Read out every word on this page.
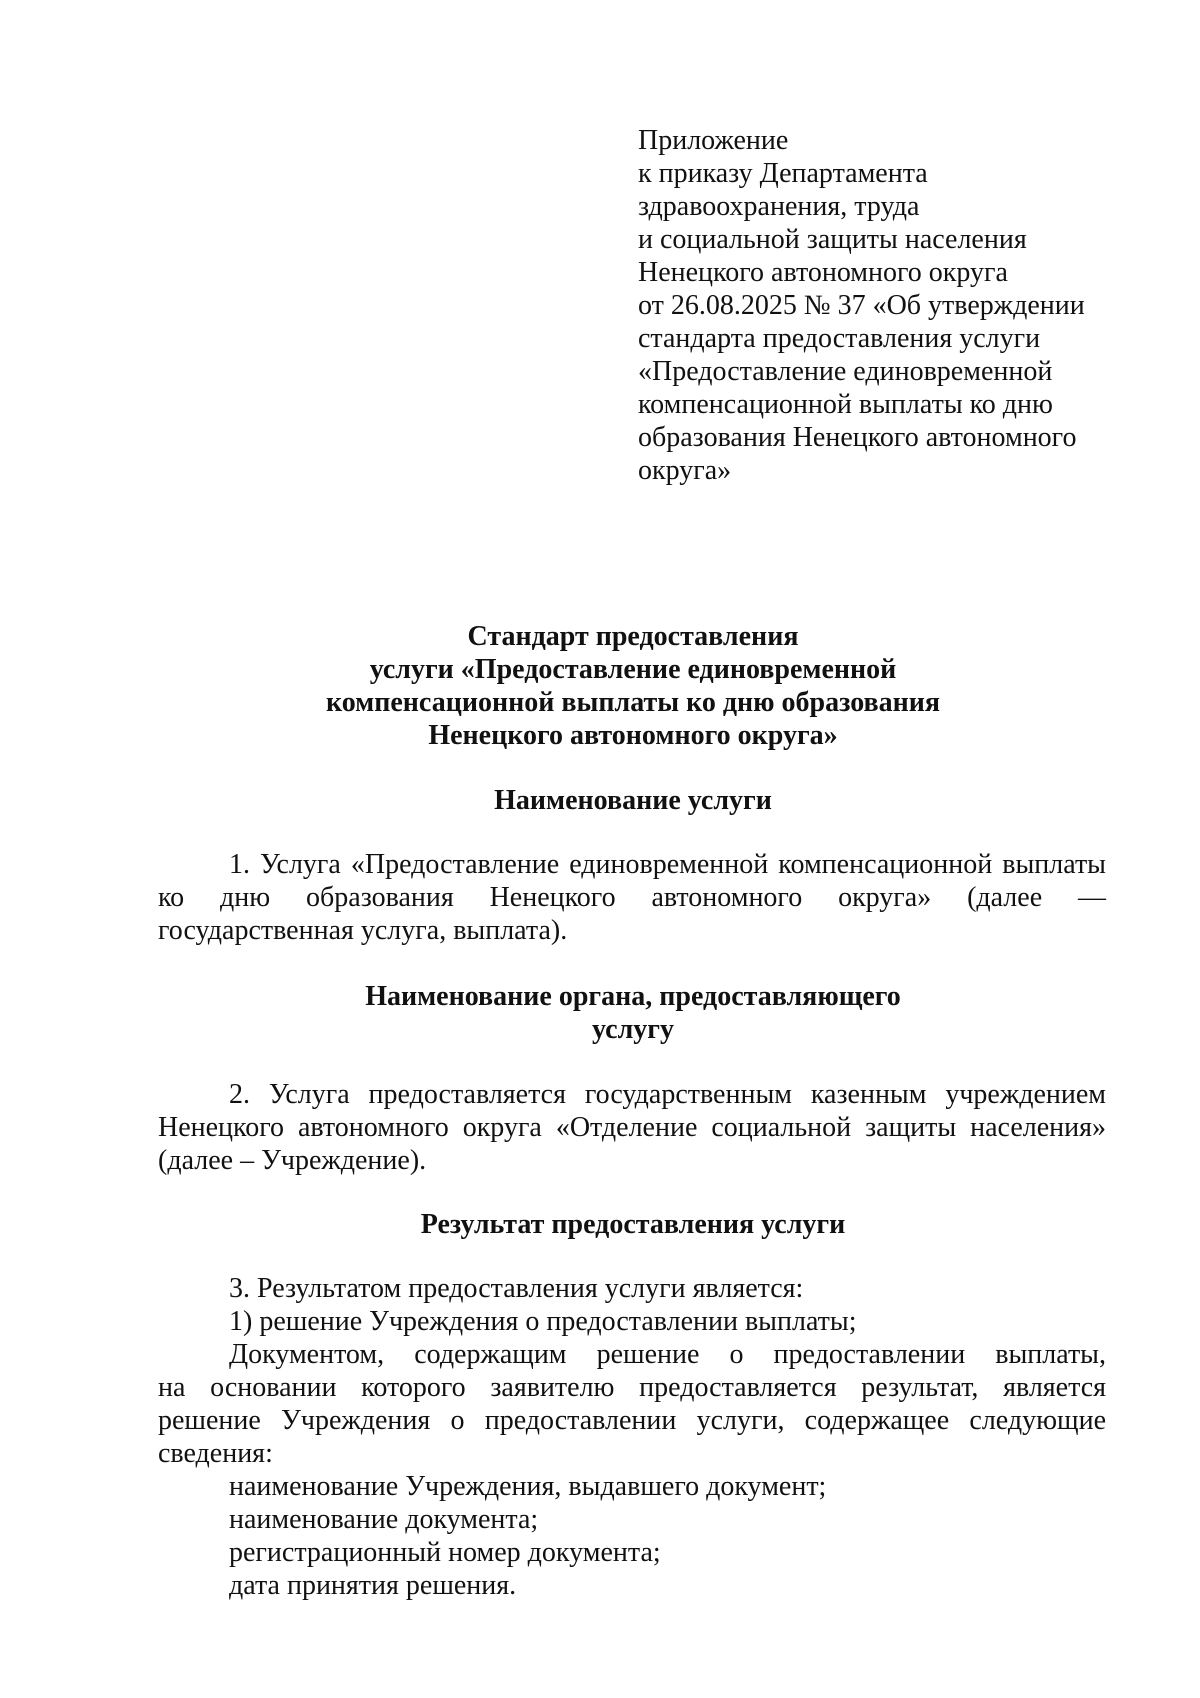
Приложение
к приказу Департамента
здравоохранения, труда
и социальной защиты населения
Ненецкого автономного округа
от 26.08.2025 № 37 «Об утверждении
стандарта предоставления услуги
«Предоставление единовременной
компенсационной выплаты ко дню
образования Ненецкого автономного
округа»
Стандарт предоставления
услуги «Предоставление единовременной
компенсационной выплаты ко дню образования
Ненецкого автономного округа»
Наименование услуги
1. Услуга «Предоставление единовременной компенсационной выплаты
ко дню образования Ненецкого автономного округа» (далее —
государственная услуга, выплата).
Наименование органа, предоставляющего
услугу
2. Услуга предоставляется государственным казенным учреждением
Ненецкого автономного округа «Отделение социальной защиты населения»
(далее – Учреждение).
Результат предоставления услуги
3. Результатом предоставления услуги является:
1) решение Учреждения о предоставлении выплаты;
Документом, содержащим решение о предоставлении выплаты,
на основании которого заявителю предоставляется результат, является
решение Учреждения о предоставлении услуги, содержащее следующие
сведения:
наименование Учреждения, выдавшего документ;
наименование документа;
регистрационный номер документа;
дата принятия решения.
